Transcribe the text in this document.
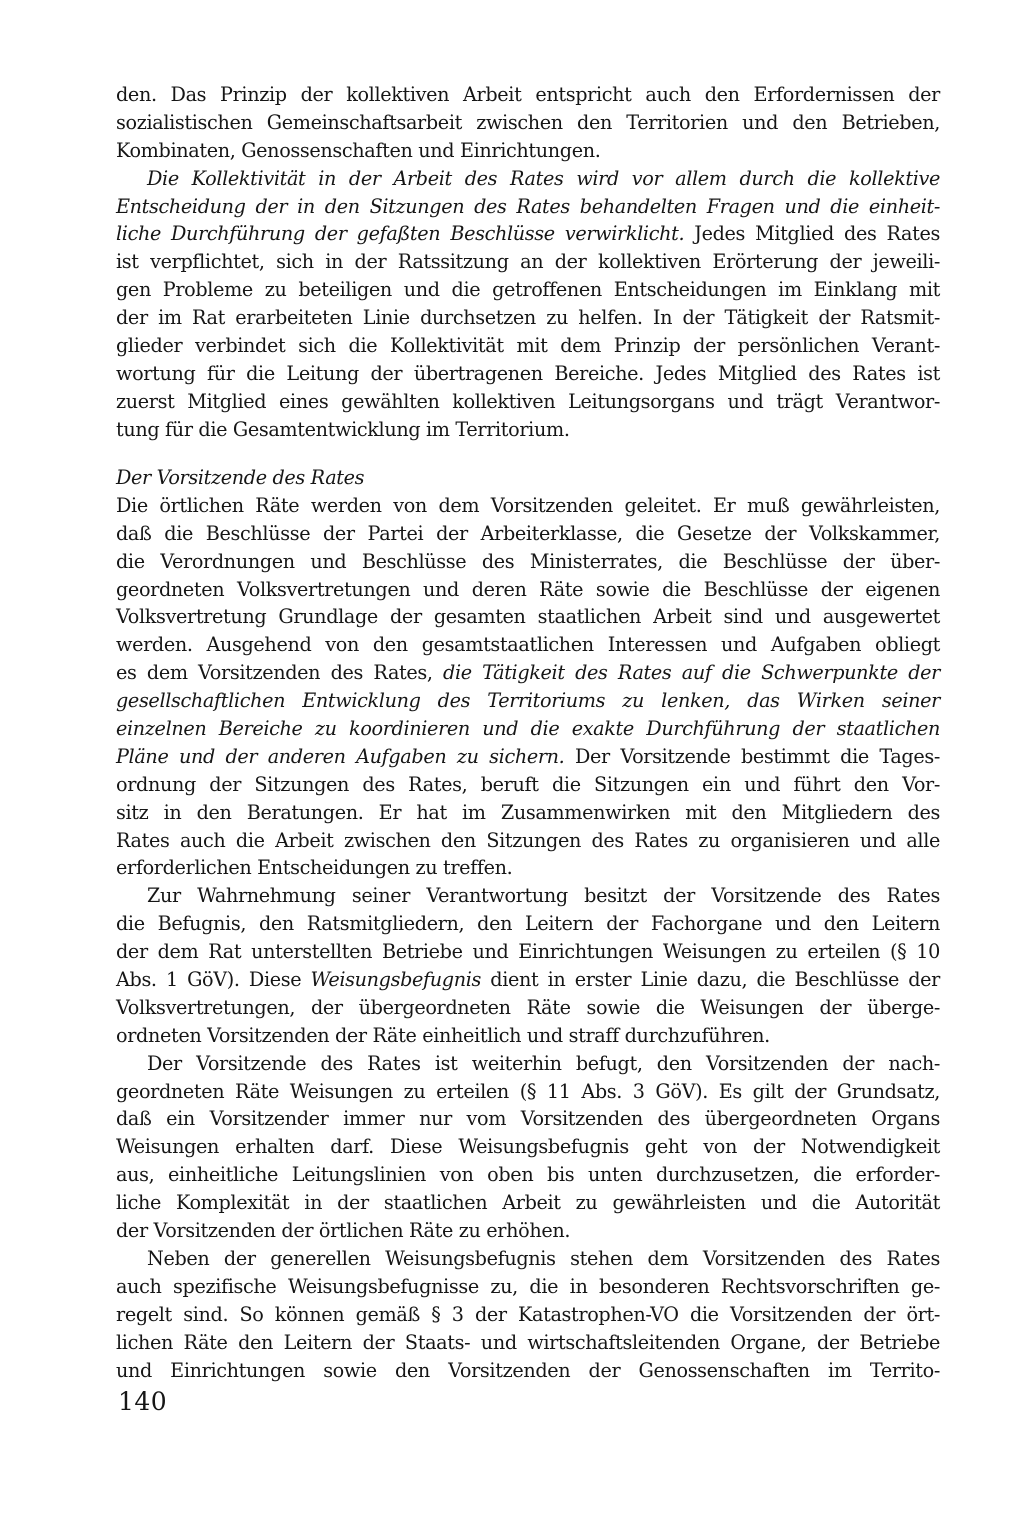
den. Das Prinzip der kollektiven Arbeit entspricht auch den Erfordernissen der
sozialistischen Gemeinschaftsarbeit zwischen den Territorien und den Betrieben,
Kombinaten, Genossenschaften und Einrichtungen.
Die Kollektivität in der Arbeit des Rates wird vor allem durch die kollektive
Entscheidung der in den Sitzungen des Rates behandelten Fragen und die einheit-
liche Durchführung der gefaßten Beschlüsse verwirklicht. Jedes Mitglied des Rates
ist verpflichtet, sich in der Ratssitzung an der kollektiven Erörterung der jeweili-
gen Probleme zu beteiligen und die getroffenen Entscheidungen im Einklang mit
der im Rat erarbeiteten Linie durchsetzen zu helfen. In der Tätigkeit der Ratsmit-
glieder verbindet sich die Kollektivität mit dem Prinzip der persönlichen Verant-
wortung für die Leitung der übertragenen Bereiche. Jedes Mitglied des Rates ist
zuerst Mitglied eines gewählten kollektiven Leitungsorgans und trägt Verantwor-
tung für die Gesamtentwicklung im Territorium.
Der Vorsitzende des Rates
Die örtlichen Räte werden von dem Vorsitzenden geleitet. Er muß gewährleisten,
daß die Beschlüsse der Partei der Arbeiterklasse, die Gesetze der Volkskammer,
die Verordnungen und Beschlüsse des Ministerrates, die Beschlüsse der über-
geordneten Volksvertretungen und deren Räte sowie die Beschlüsse der eigenen
Volksvertretung Grundlage der gesamten staatlichen Arbeit sind und ausgewertet
werden. Ausgehend von den gesamtstaatlichen Interessen und Aufgaben obliegt
es dem Vorsitzenden des Rates, die Tätigkeit des Rates auf die Schwerpunkte der
gesellschaftlichen Entwicklung des Territoriums zu lenken, das Wirken seiner
einzelnen Bereiche zu koordinieren und die exakte Durchführung der staatlichen
Pläne und der anderen Aufgaben zu sichern. Der Vorsitzende bestimmt die Tages-
ordnung der Sitzungen des Rates, beruft die Sitzungen ein und führt den Vor-
sitz in den Beratungen. Er hat im Zusammenwirken mit den Mitgliedern des
Rates auch die Arbeit zwischen den Sitzungen des Rates zu organisieren und alle
erforderlichen Entscheidungen zu treffen.
Zur Wahrnehmung seiner Verantwortung besitzt der Vorsitzende des Rates
die Befugnis, den Ratsmitgliedern, den Leitern der Fachorgane und den Leitern
der dem Rat unterstellten Betriebe und Einrichtungen Weisungen zu erteilen (§ 10
Abs. 1 GöV). Diese Weisungsbefugnis dient in erster Linie dazu, die Beschlüsse der
Volksvertretungen, der übergeordneten Räte sowie die Weisungen der überge-
ordneten Vorsitzenden der Räte einheitlich und straff durchzuführen.
Der Vorsitzende des Rates ist weiterhin befugt, den Vorsitzenden der nach-
geordneten Räte Weisungen zu erteilen (§ 11 Abs. 3 GöV). Es gilt der Grundsatz,
daß ein Vorsitzender immer nur vom Vorsitzenden des übergeordneten Organs
Weisungen erhalten darf. Diese Weisungsbefugnis geht von der Notwendigkeit
aus, einheitliche Leitungslinien von oben bis unten durchzusetzen, die erforder-
liche Komplexität in der staatlichen Arbeit zu gewährleisten und die Autorität
der Vorsitzenden der örtlichen Räte zu erhöhen.
Neben der generellen Weisungsbefugnis stehen dem Vorsitzenden des Rates
auch spezifische Weisungsbefugnisse zu, die in besonderen Rechtsvorschriften ge-
regelt sind. So können gemäß § 3 der Katastrophen-VO die Vorsitzenden der ört-
lichen Räte den Leitern der Staats- und wirtschaftsleitenden Organe, der Betriebe
und Einrichtungen sowie den Vorsitzenden der Genossenschaften im Territo-
140
